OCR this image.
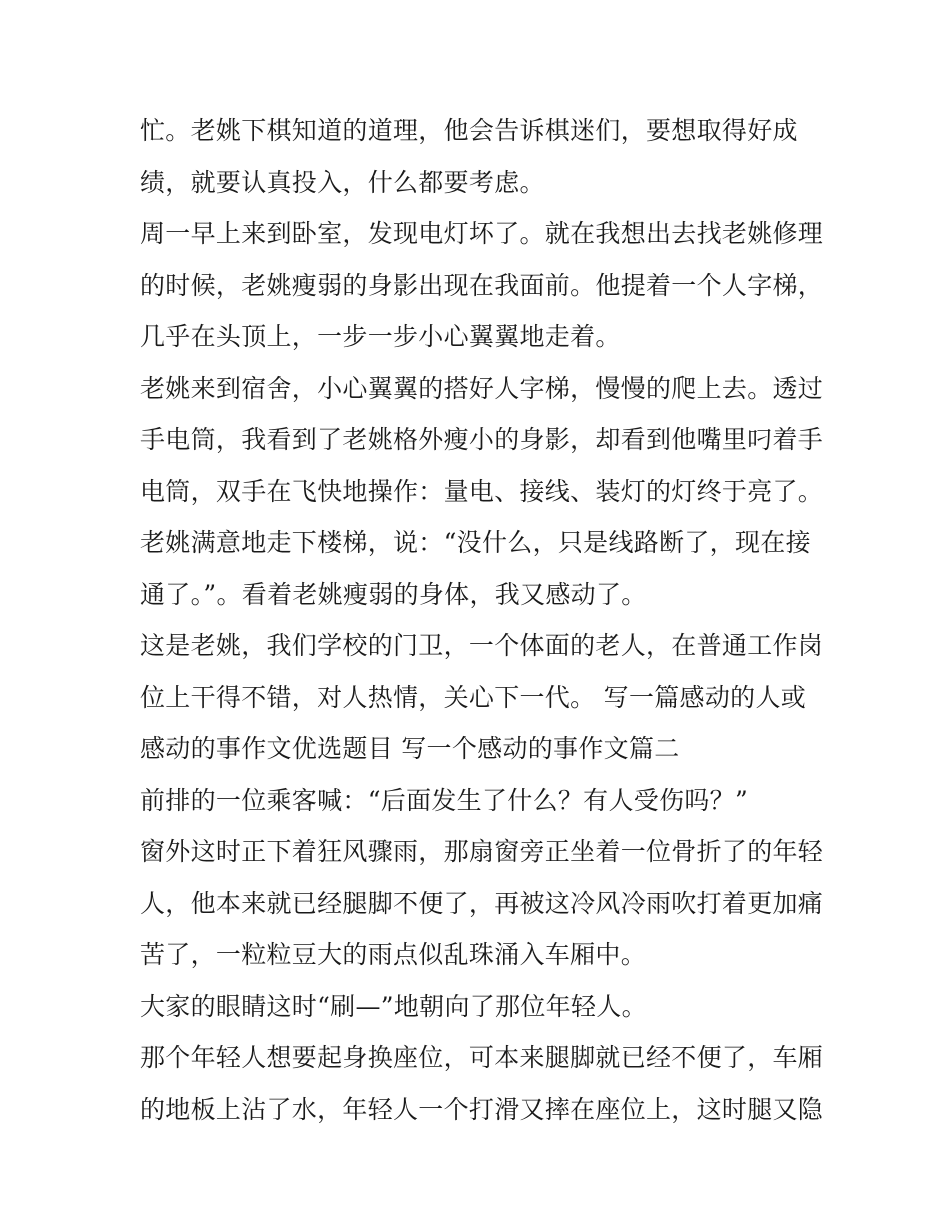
忙。老姚下棋知道的道理，他会告诉棋迷们，要想取得好成
绩，就要认真投入，什么都要考虑。
周一早上来到卧室，发现电灯坏了。就在我想出去找老姚修理
的时候，老姚瘦弱的身影出现在我面前。他提着一个人字梯，
几乎在头顶上，一步一步小心翼翼地走着。
老姚来到宿舍，小心翼翼的搭好人字梯，慢慢的爬上去。透过
手电筒，我看到了老姚格外瘦小的身影，却看到他嘴里叼着手
电筒，双手在飞快地操作：量电、接线、装灯的灯终于亮了。
老姚满意地走下楼梯，说：“没什么，只是线路断了，现在接
通了。”。看着老姚瘦弱的身体，我又感动了。
这是老姚，我们学校的门卫，一个体面的老人，在普通工作岗
位上干得不错，对人热情，关心下一代。 写一篇感动的人或
感动的事作文优选题目 写一个感动的事作文篇二
前排的一位乘客喊：“后面发生了什么？有人受伤吗？”
窗外这时正下着狂风骤雨，那扇窗旁正坐着一位骨折了的年轻
人，他本来就已经腿脚不便了，再被这冷风冷雨吹打着更加痛
苦了，一粒粒豆大的雨点似乱珠涌入车厢中。
大家的眼睛这时“刷—”地朝向了那位年轻人。
那个年轻人想要起身换座位，可本来腿脚就已经不便了，车厢
的地板上沾了水，年轻人一个打滑又摔在座位上，这时腿又隐
